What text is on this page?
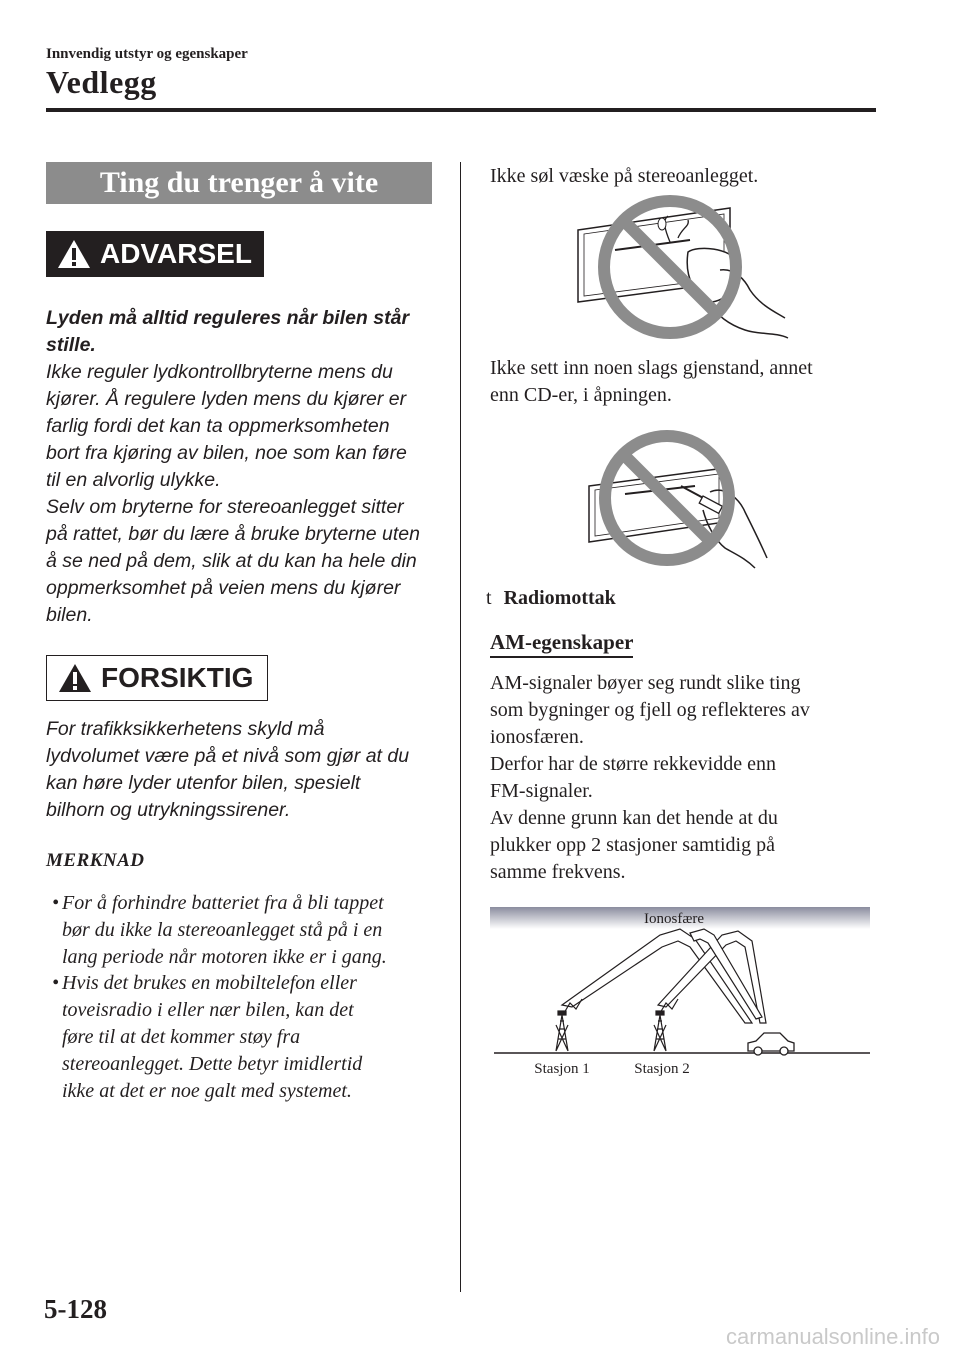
Innvendig utstyr og egenskaper
Vedlegg
Ting du trenger å vite
ADVARSEL
Lyden må alltid reguleres når bilen står
stille.
Ikke reguler lydkontrollbryterne mens du
kjører. Å regulere lyden mens du kjører er
farlig fordi det kan ta oppmerksomheten
bort fra kjøring av bilen, noe som kan føre
til en alvorlig ulykke.
Selv om bryterne for stereoanlegget sitter
på rattet, bør du lære å bruke bryterne uten
å se ned på dem, slik at du kan ha hele din
oppmerksomhet på veien mens du kjører
bilen.
FORSIKTIG
For trafikksikkerhetens skyld må
lydvolumet være på et nivå som gjør at du
kan høre lyder utenfor bilen, spesielt
bilhorn og utrykningssirener.
MERKNAD
• For å forhindre batteriet fra å bli tappet
bør du ikke la stereoanlegget stå på i en
lang periode når motoren ikke er i gang.
• Hvis det brukes en mobiltelefon eller
toveisradio i eller nær bilen, kan det
føre til at det kommer støy fra
stereoanlegget. Dette betyr imidlertid
ikke at det er noe galt med systemet.
Ikke søl væske på stereoanlegget.
Ikke sett inn noen slags gjenstand, annet
enn CD-er, i åpningen.
t Radiomottak
AM-egenskaper
AM-signaler bøyer seg rundt slike ting
som bygninger og fjell og reflekteres av
ionosfæren.
Derfor har de større rekkevidde enn
FM-signaler.
Av denne grunn kan det hende at du
plukker opp 2 stasjoner samtidig på
samme frekvens.
Ionosfære
Stasjon 1	Stasjon 2
5-128
carmanualsonline.info
